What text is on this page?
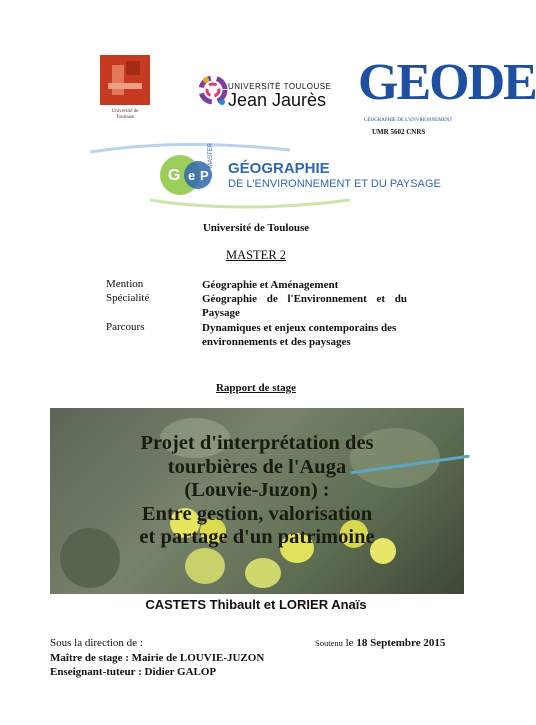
Université de Toulouse
UNIVERSITÉ TOULOUSE
Jean Jaurès GEODE
GÉOGRAPHIE DE L'ENVIRONNEMENT
UMR 5602 CNRS
G e P
MASTER
GÉOGRAPHIE
DE L'ENVIRONNEMENT ET DU PAYSAGE
Université de Toulouse
MASTER 2
Mention	Géographie et Aménagement
Spécialité	Géographie de l'Environnement et du Paysage
Parcours	Dynamiques et enjeux contemporains des environnements et des paysages
Rapport de stage
Projet d'interprétation des
tourbières de l'Auga
(Louvie-Juzon) :
Entre gestion, valorisation
et partage d'un patrimoine
CASTETS Thibault et LORIER Anaïs
Sous la direction de :	Soutenu le 18 Septembre 2015
Maître de stage : Mairie de LOUVIE-JUZON
Enseignant-tuteur : Didier GALOP
